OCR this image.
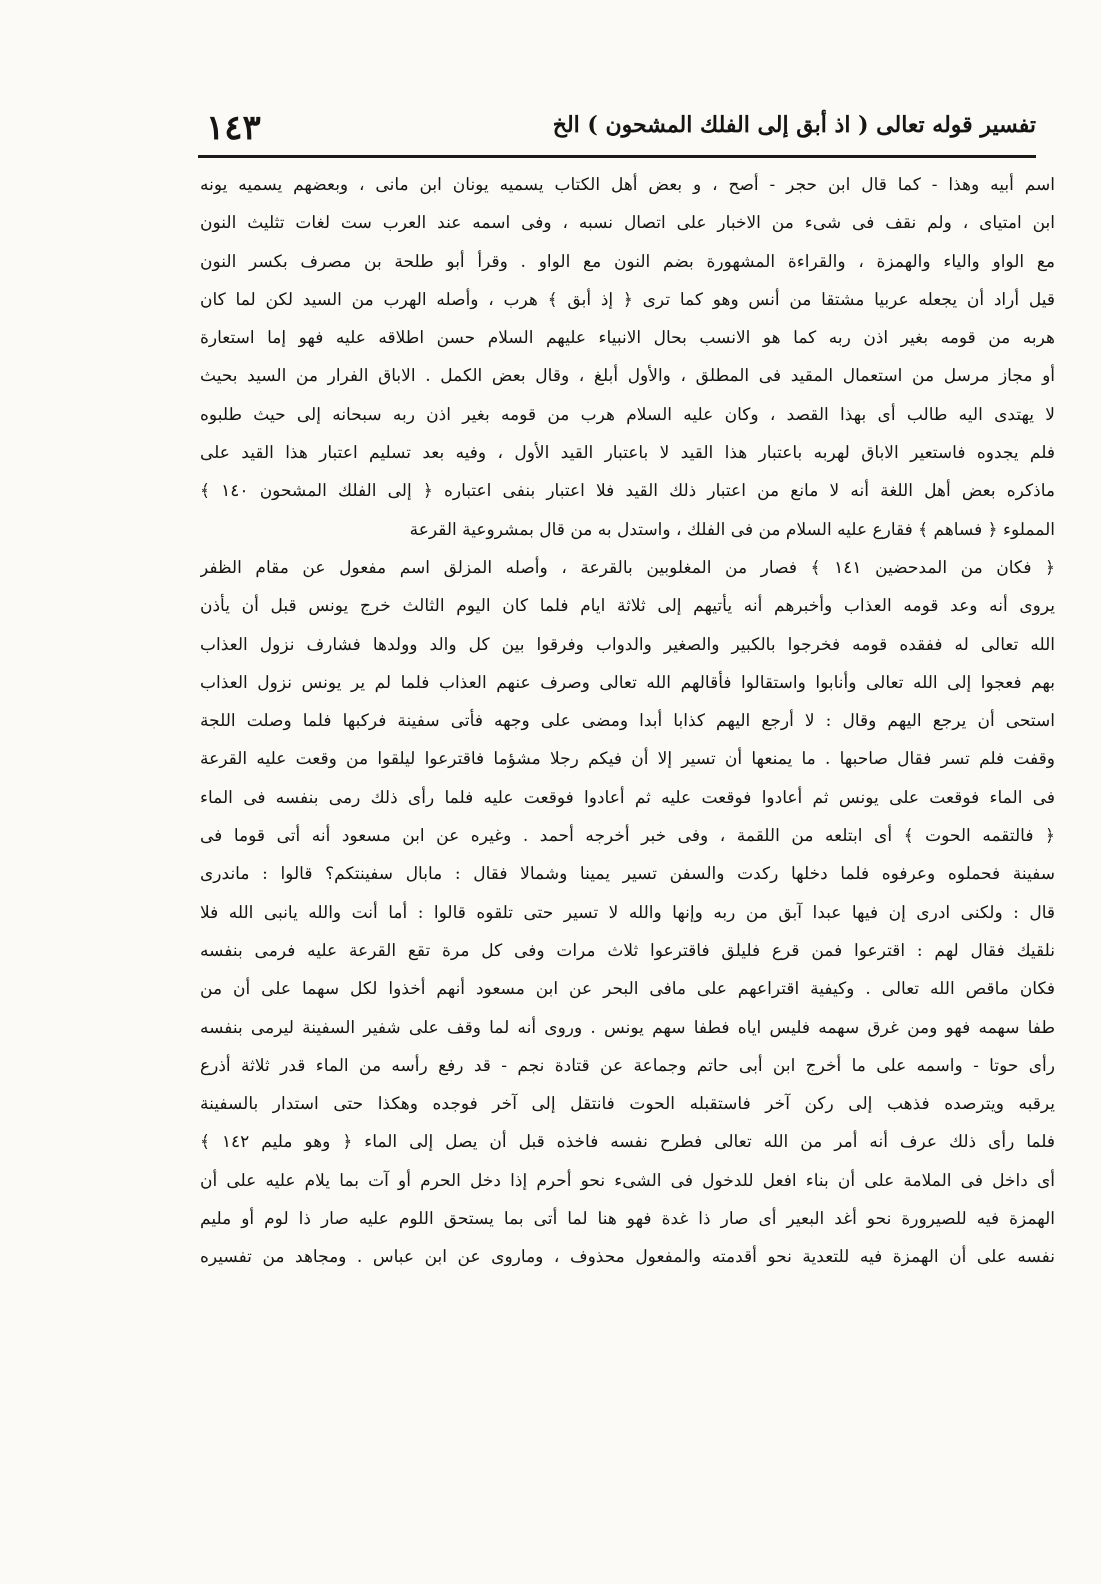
تفسير قوله تعالى ( اذ أبق إلى الفلك المشحون ) الخ
١٤٣
اسم أبيه وهذا - كما قال ابن حجر - أصح ، و بعض أهل الكتاب يسميه يونان ابن مانى ، وبعضهم يسميه يونه
ابن امتياى ، ولم نقف فى شىء من الاخبار على اتصال نسبه ، وفى اسمه عند العرب ست لغات تثليث النون
مع الواو والياء والهمزة ، والقراءة المشهورة بضم النون مع الواو . وقرأ أبو طلحة بن مصرف بكسر النون
قيل أراد أن يجعله عربيا مشتقا من أنس وهو كما ترى ﴿ إذ أبق ﴾ هرب ، وأصله الهرب من السيد لكن لما كان
هربه من قومه بغير اذن ربه كما هو الانسب بحال الانبياء عليهم السلام حسن اطلاقه عليه فهو إما استعارة
أو مجاز مرسل من استعمال المقيد فى المطلق ، والأول أبلغ ، وقال بعض الكمل . الاباق الفرار من السيد بحيث
لا يهتدى اليه طالب أى بهذا القصد ، وكان عليه السلام هرب من قومه بغير اذن ربه سبحانه إلى حيث طلبوه
فلم يجدوه فاستعير الاباق لهربه باعتبار هذا القيد لا باعتبار القيد الأول ، وفيه بعد تسليم اعتبار هذا القيد على
ماذكره بعض أهل اللغة أنه لا مانع من اعتبار ذلك القيد فلا اعتبار بنفى اعتباره ﴿ إلى الفلك المشحون ١٤٠ ﴾
المملوء ﴿ فساهم ﴾ فقارع عليه السلام من فى الفلك ، واستدل به من قال بمشروعية القرعة
﴿ فكان من المدحضين ١٤١ ﴾ فصار من المغلوبين بالقرعة ، وأصله المزلق اسم مفعول عن مقام الظفر
يروى أنه وعد قومه العذاب وأخبرهم أنه يأتيهم إلى ثلاثة ايام فلما كان اليوم الثالث خرج يونس قبل أن يأذن
الله تعالى له ففقده قومه فخرجوا بالكبير والصغير والدواب وفرقوا بين كل والد وولدها فشارف نزول العذاب
بهم فعجوا إلى الله تعالى وأنابوا واستقالوا فأقالهم الله تعالى وصرف عنهم العذاب فلما لم ير يونس نزول العذاب
استحى أن يرجع اليهم وقال : لا أرجع اليهم كذابا أبدا ومضى على وجهه فأتى سفينة فركبها فلما وصلت اللجة
وقفت فلم تسر فقال صاحبها . ما يمنعها أن تسير إلا أن فيكم رجلا مشؤما فاقترعوا ليلقوا من وقعت عليه القرعة
فى الماء فوقعت على يونس ثم أعادوا فوقعت عليه ثم أعادوا فوقعت عليه فلما رأى ذلك رمى بنفسه فى الماء
﴿ فالتقمه الحوت ﴾ أى ابتلعه من اللقمة ، وفى خبر أخرجه أحمد . وغيره عن ابن مسعود أنه أتى قوما فى
سفينة فحملوه وعرفوه فلما دخلها ركدت والسفن تسير يمينا وشمالا فقال : مابال سفينتكم؟ قالوا : ماندرى
قال : ولكنى ادرى إن فيها عبدا آبق من ربه وإنها والله لا تسير حتى تلقوه قالوا : أما أنت والله يانبى الله فلا
نلقيك فقال لهم : اقترعوا فمن قرع فليلق فاقترعوا ثلاث مرات وفى كل مرة تقع القرعة عليه فرمى بنفسه
فكان ماقص الله تعالى . وكيفية اقتراعهم على مافى البحر عن ابن مسعود أنهم أخذوا لكل سهما على أن من
طفا سهمه فهو ومن غرق سهمه فليس اياه فطفا سهم يونس . وروى أنه لما وقف على شفير السفينة ليرمى بنفسه
رأى حوتا - واسمه على ما أخرج ابن أبى حاتم وجماعة عن قتادة نجم - قد رفع رأسه من الماء قدر ثلاثة أذرع
يرقبه ويترصده فذهب إلى ركن آخر فاستقبله الحوت فانتقل إلى آخر فوجده وهكذا حتى استدار بالسفينة
فلما رأى ذلك عرف أنه أمر من الله تعالى فطرح نفسه فاخذه قبل أن يصل إلى الماء ﴿ وهو مليم ١٤٢ ﴾
أى داخل فى الملامة على أن بناء افعل للدخول فى الشىء نحو أحرم إذا دخل الحرم أو آت بما يلام عليه على أن
الهمزة فيه للصيرورة نحو أغد البعير أى صار ذا غدة فهو هنا لما أتى بما يستحق اللوم عليه صار ذا لوم أو مليم
نفسه على أن الهمزة فيه للتعدية نحو أقدمته والمفعول محذوف ، وماروى عن ابن عباس . ومجاهد من تفسيره
